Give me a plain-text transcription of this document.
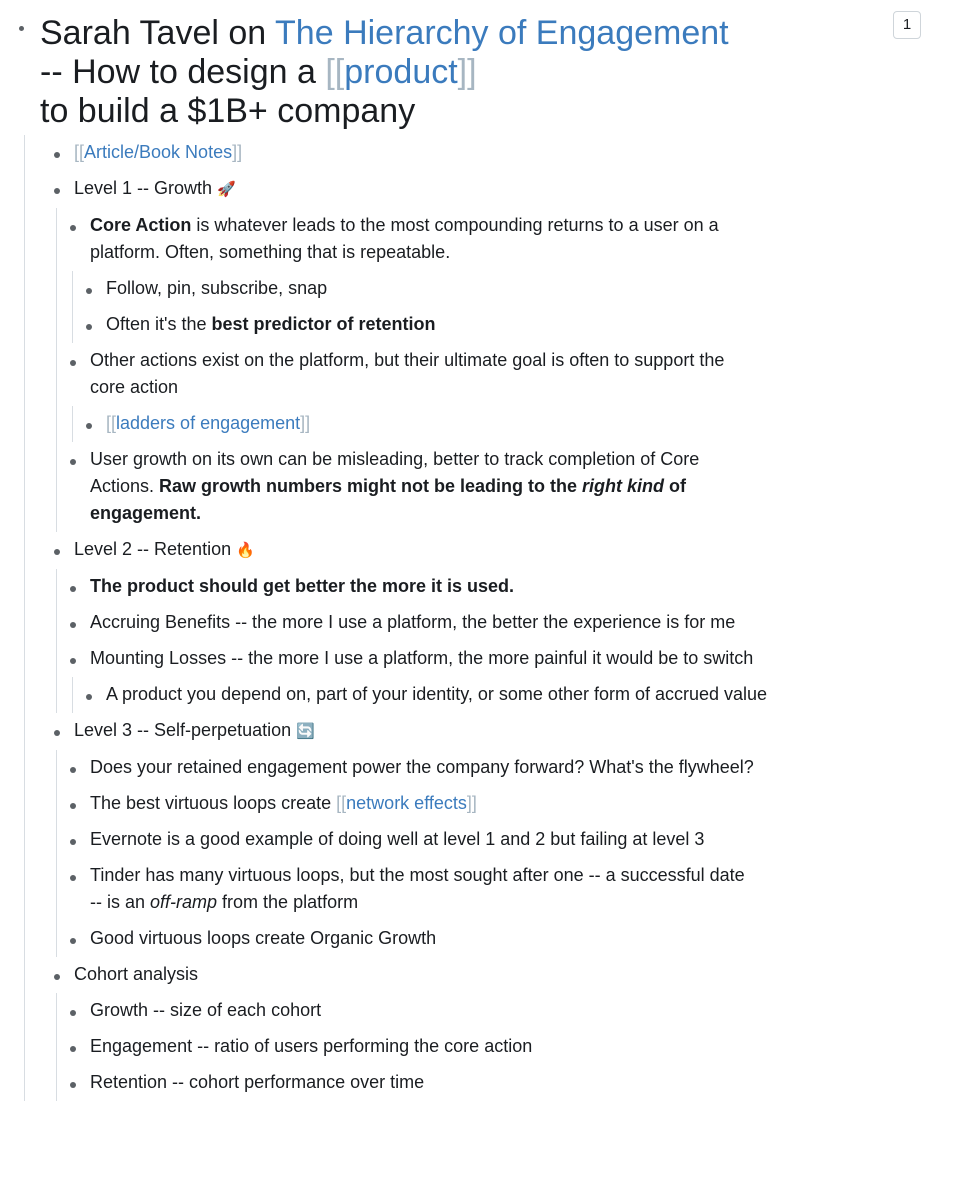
Sarah Tavel on The Hierarchy of Engagement -- How to design a [[product]]
to build a $1B+ company
1
[[Article/Book Notes]]
Level 1 -- Growth 🚀
Core Action is whatever leads to the most compounding returns to a user on a platform. Often, something that is repeatable.
Follow, pin, subscribe, snap
Often it's the best predictor of retention
Other actions exist on the platform, but their ultimate goal is often to support the core action
[[ladders of engagement]]
User growth on its own can be misleading, better to track completion of Core Actions. Raw growth numbers might not be leading to the right kind of engagement.
Level 2 -- Retention 🔥
The product should get better the more it is used.
Accruing Benefits -- the more I use a platform, the better the experience is for me
Mounting Losses -- the more I use a platform, the more painful it would be to switch
A product you depend on, part of your identity, or some other form of accrued value
Level 3 -- Self-perpetuation 🔄
Does your retained engagement power the company forward? What's the flywheel?
The best virtuous loops create [[network effects]]
Evernote is a good example of doing well at level 1 and 2 but failing at level 3
Tinder has many virtuous loops, but the most sought after one -- a successful date -- is an off-ramp from the platform
Good virtuous loops create Organic Growth
Cohort analysis
Growth -- size of each cohort
Engagement -- ratio of users performing the core action
Retention -- cohort performance over time
